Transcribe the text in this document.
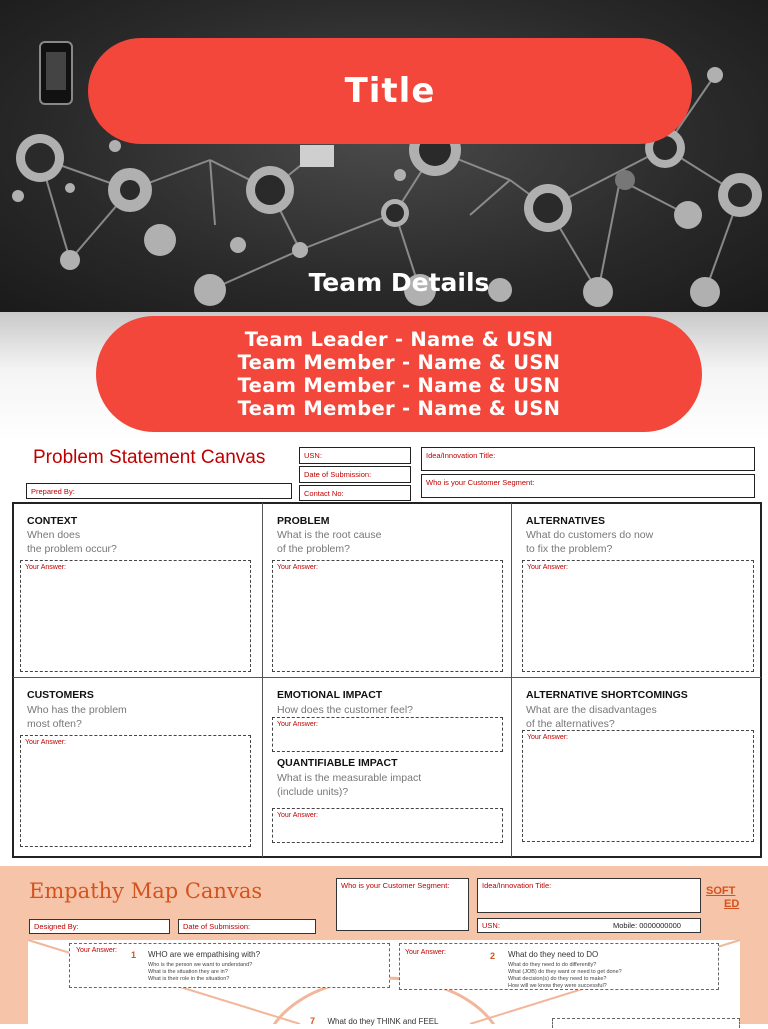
Title
Team Details
Team Leader - Name & USN
Team Member - Name & USN
Team Member - Name & USN
Team Member - Name & USN
Problem Statement Canvas
Prepared By:
USN:
Date of Submission:
Contact No:
Idea/Innovation Title:
Who is your Customer Segment:
CONTEXT
When does
the problem occur?
Your Answer:
PROBLEM
What is the root cause
of the problem?
Your Answer:
ALTERNATIVES
What do customers do now
to fix the problem?
Your Answer:
CUSTOMERS
Who has the problem
most often?
Your Answer:
EMOTIONAL IMPACT
How does the customer feel?
Your Answer:
QUANTIFIABLE IMPACT
What is the measurable impact
(include units)?
Your Answer:
ALTERNATIVE SHORTCOMINGS
What are the disadvantages
of the alternatives?
Your Answer:
Empathy Map Canvas	SOFT
ED
Designed By:	Date of Submission:
Who is your Customer Segment:	Idea/Innovation Title:
USN:	Mobile: 0000000000
Your Answer: 1 WHO are we empathising with?
Who is the person we want to understand?
What is the situation they are in?
What is their role in the situation?
Your Answer:	2 What do they need to DO
What do they need to do differently?
What (JOB) do they want or need to get done?
What decision(s) do they need to make?
How will we know they were successful?
7 What do they THINK and FEEL
